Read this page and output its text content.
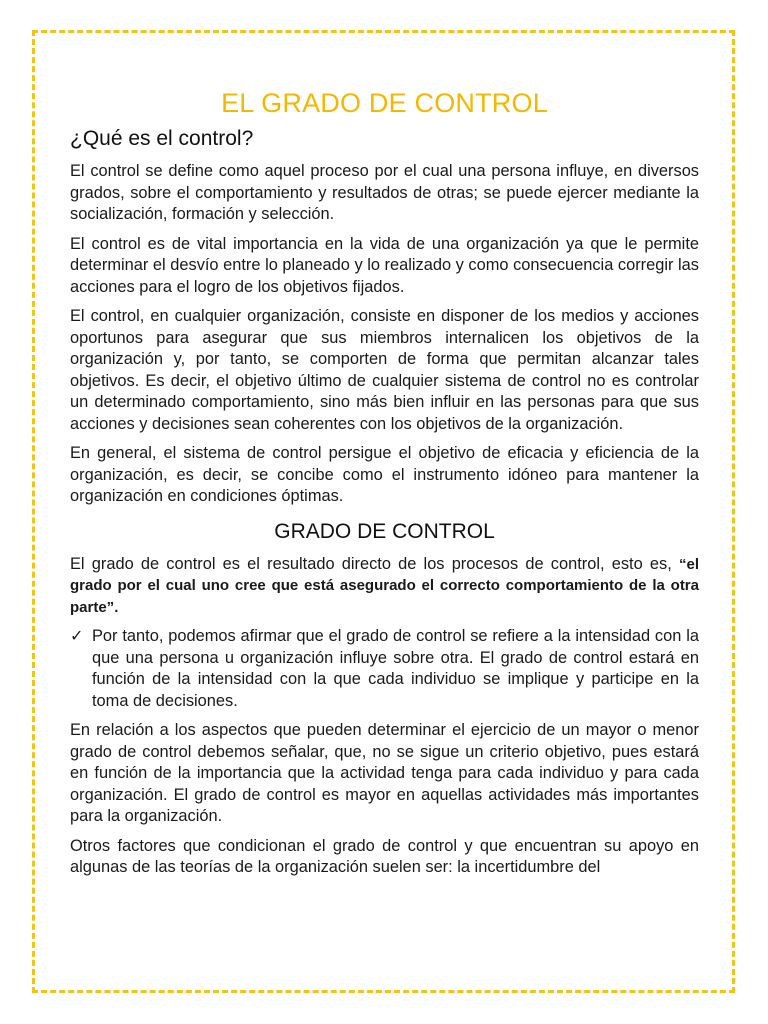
EL GRADO DE CONTROL
¿Qué es el control?

El control se define como aquel proceso por el cual una persona influye, en diversos grados, sobre el comportamiento y resultados de otras; se puede ejercer mediante la socialización, formación y selección.

El control es de vital importancia en la vida de una organización ya que le permite determinar el desvío entre lo planeado y lo realizado y como consecuencia corregir las acciones para el logro de los objetivos fijados.

El control, en cualquier organización, consiste en disponer de los medios y acciones oportunos para asegurar que sus miembros internalicen los objetivos de la organización y, por tanto, se comporten de forma que permitan alcanzar tales objetivos. Es decir, el objetivo último de cualquier sistema de control no es controlar un determinado comportamiento, sino más bien influir en las personas para que sus acciones y decisiones sean coherentes con los objetivos de la organización.

En general, el sistema de control persigue el objetivo de eficacia y eficiencia de la organización, es decir, se concibe como el instrumento idóneo para mantener la organización en condiciones óptimas.

GRADO DE CONTROL

El grado de control es el resultado directo de los procesos de control, esto es, “el grado por el cual uno cree que está asegurado el correcto comportamiento de la otra parte”.

✓ Por tanto, podemos afirmar que el grado de control se refiere a la intensidad con la que una persona u organización influye sobre otra. El grado de control estará en función de la intensidad con la que cada individuo se implique y participe en la toma de decisiones.

En relación a los aspectos que pueden determinar el ejercicio de un mayor o menor grado de control debemos señalar, que, no se sigue un criterio objetivo, pues estará en función de la importancia que la actividad tenga para cada individuo y para cada organización. El grado de control es mayor en aquellas actividades más importantes para la organización.

Otros factores que condicionan el grado de control y que encuentran su apoyo en algunas de las teorías de la organización suelen ser: la incertidumbre del
